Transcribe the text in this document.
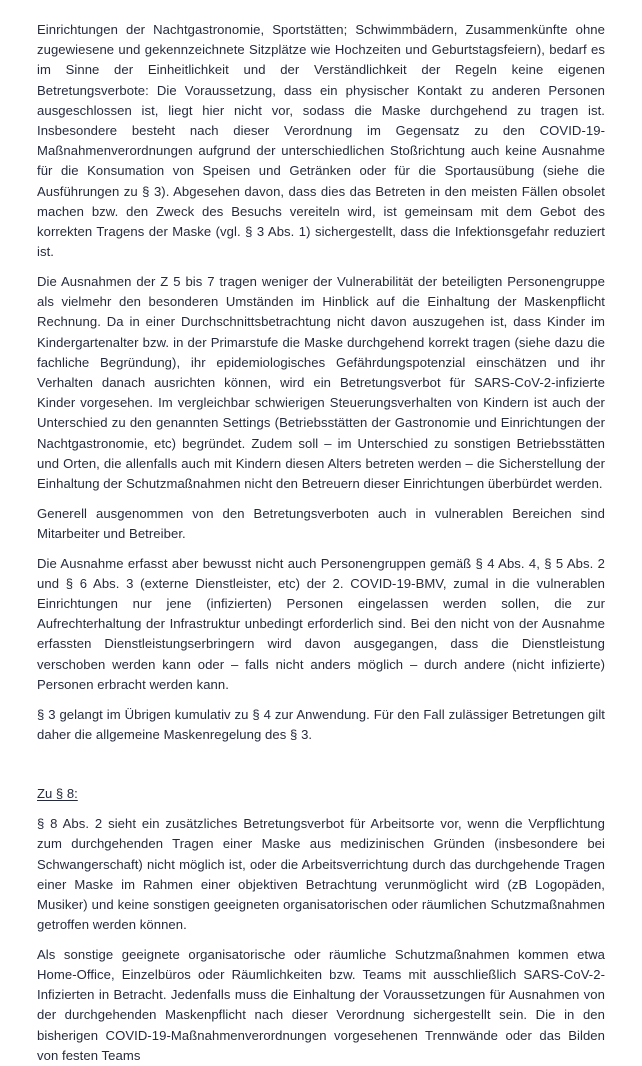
Einrichtungen der Nachtgastronomie, Sportstätten; Schwimmbädern, Zusammenkünfte ohne zugewiesene und gekennzeichnete Sitzplätze wie Hochzeiten und Geburtstagsfeiern), bedarf es im Sinne der Einheitlichkeit und der Verständlichkeit der Regeln keine eigenen Betretungsverbote: Die Voraussetzung, dass ein physischer Kontakt zu anderen Personen ausgeschlossen ist, liegt hier nicht vor, sodass die Maske durchgehend zu tragen ist. Insbesondere besteht nach dieser Verordnung im Gegensatz zu den COVID-19-Maßnahmenverordnungen aufgrund der unterschiedlichen Stoßrichtung auch keine Ausnahme für die Konsumation von Speisen und Getränken oder für die Sportausübung (siehe die Ausführungen zu § 3). Abgesehen davon, dass dies das Betreten in den meisten Fällen obsolet machen bzw. den Zweck des Besuchs vereiteln wird, ist gemeinsam mit dem Gebot des korrekten Tragens der Maske (vgl. § 3 Abs. 1) sichergestellt, dass die Infektionsgefahr reduziert ist.

Die Ausnahmen der Z 5 bis 7 tragen weniger der Vulnerabilität der beteiligten Personengruppe als vielmehr den besonderen Umständen im Hinblick auf die Einhaltung der Maskenpflicht Rechnung. Da in einer Durchschnittsbetrachtung nicht davon auszugehen ist, dass Kinder im Kindergartenalter bzw. in der Primarstufe die Maske durchgehend korrekt tragen (siehe dazu die fachliche Begründung), ihr epidemiologisches Gefährdungspotenzial einschätzen und ihr Verhalten danach ausrichten können, wird ein Betretungsverbot für SARS-CoV-2-infizierte Kinder vorgesehen. Im vergleichbar schwierigen Steuerungsverhalten von Kindern ist auch der Unterschied zu den genannten Settings (Betriebsstätten der Gastronomie und Einrichtungen der Nachtgastronomie, etc) begründet. Zudem soll – im Unterschied zu sonstigen Betriebsstätten und Orten, die allenfalls auch mit Kindern diesen Alters betreten werden – die Sicherstellung der Einhaltung der Schutzmaßnahmen nicht den Betreuern dieser Einrichtungen überbürdet werden.

Generell ausgenommen von den Betretungsverboten auch in vulnerablen Bereichen sind Mitarbeiter und Betreiber.

Die Ausnahme erfasst aber bewusst nicht auch Personengruppen gemäß § 4 Abs. 4, § 5 Abs. 2 und § 6 Abs. 3 (externe Dienstleister, etc) der 2. COVID-19-BMV, zumal in die vulnerablen Einrichtungen nur jene (infizierten) Personen eingelassen werden sollen, die zur Aufrechterhaltung der Infrastruktur unbedingt erforderlich sind. Bei den nicht von der Ausnahme erfassten Dienstleistungserbringern wird davon ausgegangen, dass die Dienstleistung verschoben werden kann oder – falls nicht anders möglich – durch andere (nicht infizierte) Personen erbracht werden kann.

§ 3 gelangt im Übrigen kumulativ zu § 4 zur Anwendung. Für den Fall zulässiger Betretungen gilt daher die allgemeine Maskenregelung des § 3.

Zu § 8:

§ 8 Abs. 2 sieht ein zusätzliches Betretungsverbot für Arbeitsorte vor, wenn die Verpflichtung zum durchgehenden Tragen einer Maske aus medizinischen Gründen (insbesondere bei Schwangerschaft) nicht möglich ist, oder die Arbeitsverrichtung durch das durchgehende Tragen einer Maske im Rahmen einer objektiven Betrachtung verunmöglicht wird (zB Logopäden, Musiker) und keine sonstigen geeigneten organisatorischen oder räumlichen Schutzmaßnahmen getroffen werden können.

Als sonstige geeignete organisatorische oder räumliche Schutzmaßnahmen kommen etwa Home-Office, Einzelbüros oder Räumlichkeiten bzw. Teams mit ausschließlich SARS-CoV-2-Infizierten in Betracht. Jedenfalls muss die Einhaltung der Voraussetzungen für Ausnahmen von der durchgehenden Maskenpflicht nach dieser Verordnung sichergestellt sein. Die in den bisherigen COVID-19-Maßnahmenverordnungen vorgesehenen Trennwände oder das Bilden von festen Teams
